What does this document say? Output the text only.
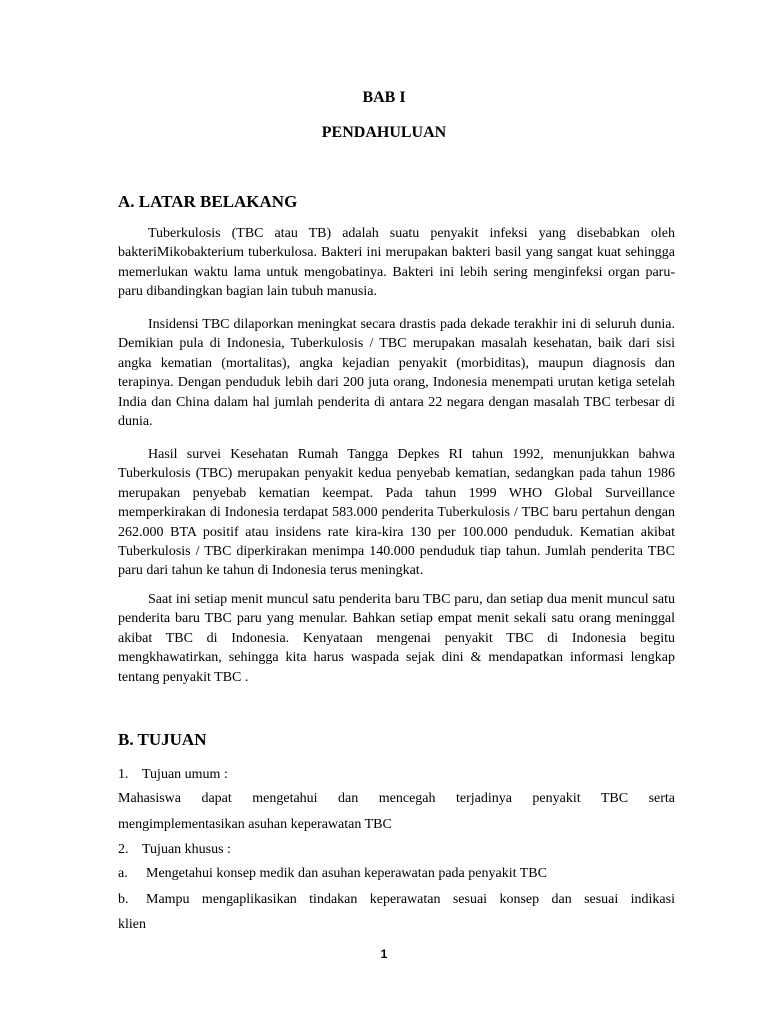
BAB I
PENDAHULUAN
A. LATAR BELAKANG
Tuberkulosis (TBC atau TB) adalah suatu penyakit infeksi yang disebabkan oleh bakteriMikobakterium tuberkulosa. Bakteri ini merupakan bakteri basil yang sangat kuat sehingga memerlukan waktu lama untuk mengobatinya. Bakteri ini lebih sering menginfeksi organ paru-paru dibandingkan bagian lain tubuh manusia.
Insidensi TBC dilaporkan meningkat secara drastis pada dekade terakhir ini di seluruh dunia. Demikian pula di Indonesia, Tuberkulosis / TBC merupakan masalah kesehatan, baik dari sisi angka kematian (mortalitas), angka kejadian penyakit (morbiditas), maupun diagnosis dan terapinya. Dengan penduduk lebih dari 200 juta orang, Indonesia menempati urutan ketiga setelah India dan China dalam hal jumlah penderita di antara 22 negara dengan masalah TBC terbesar di dunia.
Hasil survei Kesehatan Rumah Tangga Depkes RI tahun 1992, menunjukkan bahwa Tuberkulosis (TBC) merupakan penyakit kedua penyebab kematian, sedangkan pada tahun 1986 merupakan penyebab kematian keempat. Pada tahun 1999 WHO Global Surveillance memperkirakan di Indonesia terdapat 583.000 penderita Tuberkulosis / TBC baru pertahun dengan 262.000 BTA positif atau insidens rate kira-kira 130 per 100.000 penduduk. Kematian akibat Tuberkulosis / TBC diperkirakan menimpa 140.000 penduduk tiap tahun. Jumlah penderita TBC paru dari tahun ke tahun di Indonesia terus meningkat.
Saat ini setiap menit muncul satu penderita baru TBC paru, dan setiap dua menit muncul satu penderita baru TBC paru yang menular. Bahkan setiap empat menit sekali satu orang meninggal akibat TBC di Indonesia. Kenyataan mengenai penyakit TBC di Indonesia begitu mengkhawatirkan, sehingga kita harus waspada sejak dini & mendapatkan informasi lengkap tentang penyakit TBC .
B. TUJUAN
1. Tujuan umum :
Mahasiswa dapat mengetahui dan mencegah terjadinya penyakit TBC serta
mengimplementasikan asuhan keperawatan TBC
2. Tujuan khusus :
a. Mengetahui konsep medik dan asuhan keperawatan pada penyakit TBC
b.	Mampu mengaplikasikan tindakan keperawatan sesuai konsep dan sesuai indikasi
klien
1
